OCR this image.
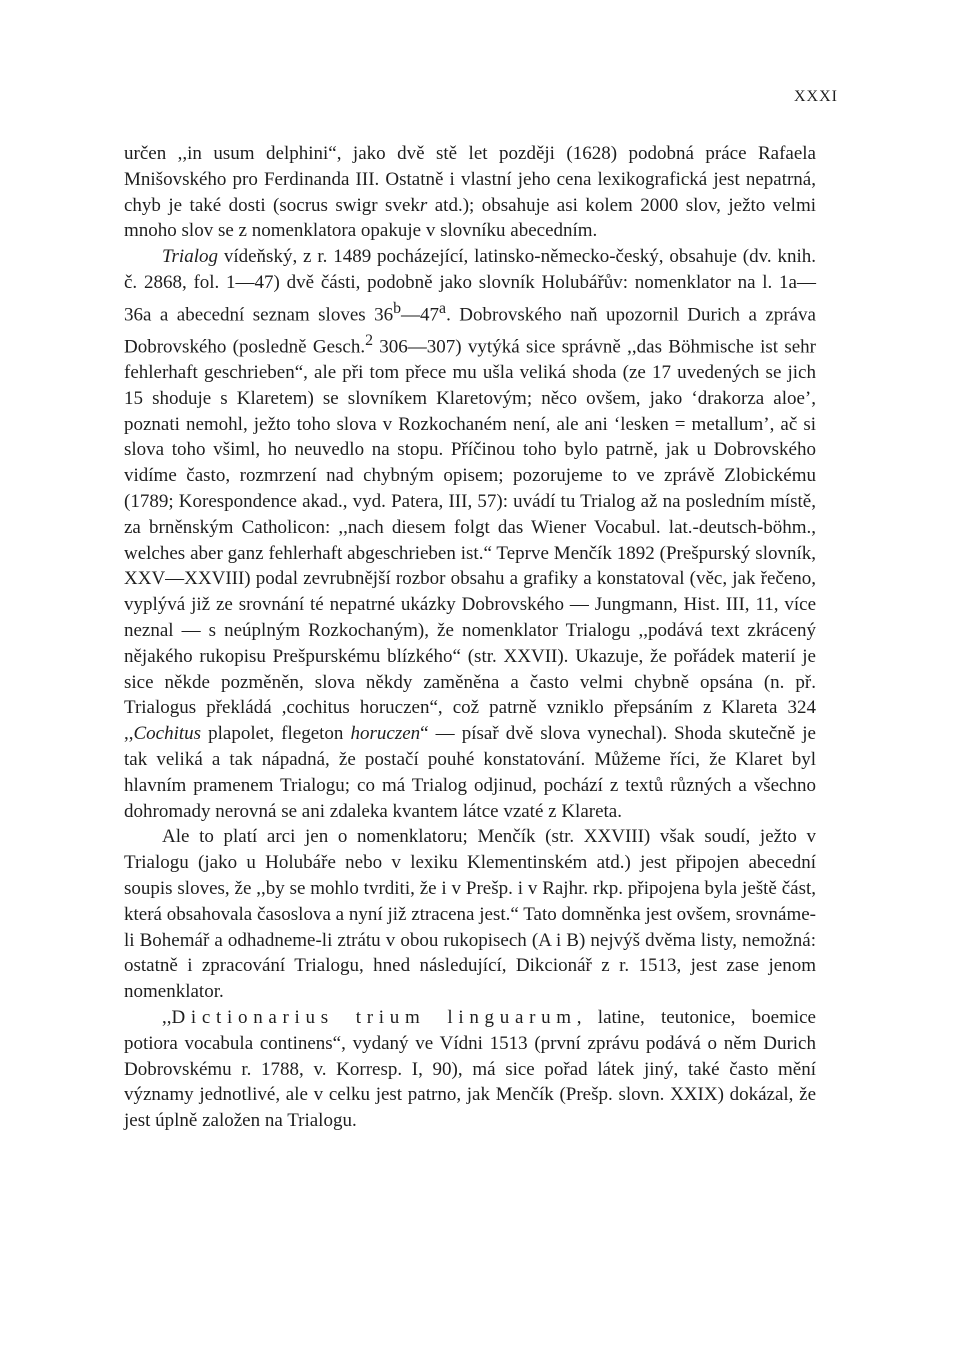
XXXI

určen ,,in usum delphini“, jako dvě stě let později (1628) podobná práce Rafaela Mnišovského pro Ferdinanda III. Ostatně i vlastní jeho cena lexikografická jest nepatrná, chyb je také dosti (socrus swigr svekr atd.); obsahuje asi kolem 2000 slov, ježto velmi mnoho slov se z nomenklatora opakuje v slovníku abecedním.

Trialog vídeňský, z r. 1489 pocházející, latinsko-německo-český, obsahuje (dv. knih. č. 2868, fol. 1—47) dvě části, podobně jako slovník Holubářův: nomenklator na l. 1a—36a a abecední seznam sloves 36$^b$—47$^a$. Dobrovského naň upozornil Durich a zpráva Dobrovského (posledně Gesch.$^2$ 306—307) vytýká sice správně ,,das Böhmische ist sehr fehlerhaft geschrieben“, ale při tom přece mu ušla veliká shoda (ze 17 uvedených se jich 15 shoduje s Klaretem) se slovníkem Klaretovým; něco ovšem, jako ‘drakorza aloe’, poznati nemohl, ježto toho slova v Rozkochaném není, ale ani ‘lesken = metallum’, ač si slova toho všiml, ho neuvedlo na stopu. Příčinou toho bylo patrně, jak u Dobrovského vidíme často, rozmrzení nad chybným opisem; pozorujeme to ve zprávě Zlobickému (1789; Korespondence akad., vyd. Patera, III, 57): uvádí tu Trialog až na posledním místě, za brněnským Catholicon: ,,nach diesem folgt das Wiener Vocabul. lat.-deutsch-böhm., welches aber ganz fehlerhaft abgeschrieben ist.“ Teprve Menčík 1892 (Prešpurský slovník, XXV—XXVIII) podal zevrubnější rozbor obsahu a grafiky a konstatoval (věc, jak řečeno, vyplývá již ze srovnání té nepatrné ukázky Dobrovského — Jungmann, Hist. III, 11, více neznal — s neúplným Rozkochaným), že nomenklator Trialogu ,,podává text zkrácený nějakého rukopisu Prešpurskému blízkého“ (str. XXVII). Ukazuje, že pořádek materií je sice někde pozměněn, slova někdy zaměněna a často velmi chybně opsána (n. př. Trialogus překládá ,cochitus horuczen“, což patrně vzniklo přepsáním z Klareta 324 ,,Cochitus plapolet, flegeton horuczen“ — písař dvě slova vynechal). Shoda skutečně je tak veliká a tak nápadná, že postačí pouhé konstatování. Můžeme říci, že Klaret byl hlavním pramenem Trialogu; co má Trialog odjinud, pochází z textů různých a všechno dohromady nerovná se ani zdaleka kvantem látce vzaté z Klareta.

Ale to platí arci jen o nomenklatoru; Menčík (str. XXVIII) však soudí, ježto v Trialogu (jako u Holubáře nebo v lexiku Klementinském atd.) jest připojen abecední soupis sloves, že ,,by se mohlo tvrditi, že i v Prešp. i v Rajhr. rkp. připojena byla ještě část, která obsahovala časoslova a nyní již ztracena jest.“ Tato domněnka jest ovšem, srovnáme-li Bohemář a odhadneme-li ztrátu v obou rukopisech (A i B) nejvýš dvěma listy, nemožná: ostatně i zpracování Trialogu, hned následující, Dikcionář z r. 1513, jest zase jenom nomenklator.

,,Dictionarius trium linguarum, latine, teutonice, boemice potiora vocabula continens“, vydaný ve Vídni 1513 (první zprávu podává o něm Durich Dobrovskému r. 1788, v. Korresp. I, 90), má sice pořad látek jiný, také často mění významy jednotlivé, ale v celku jest patrno, jak Menčík (Prešp. slovn. XXIX) dokázal, že jest úplně založen na Trialogu.
